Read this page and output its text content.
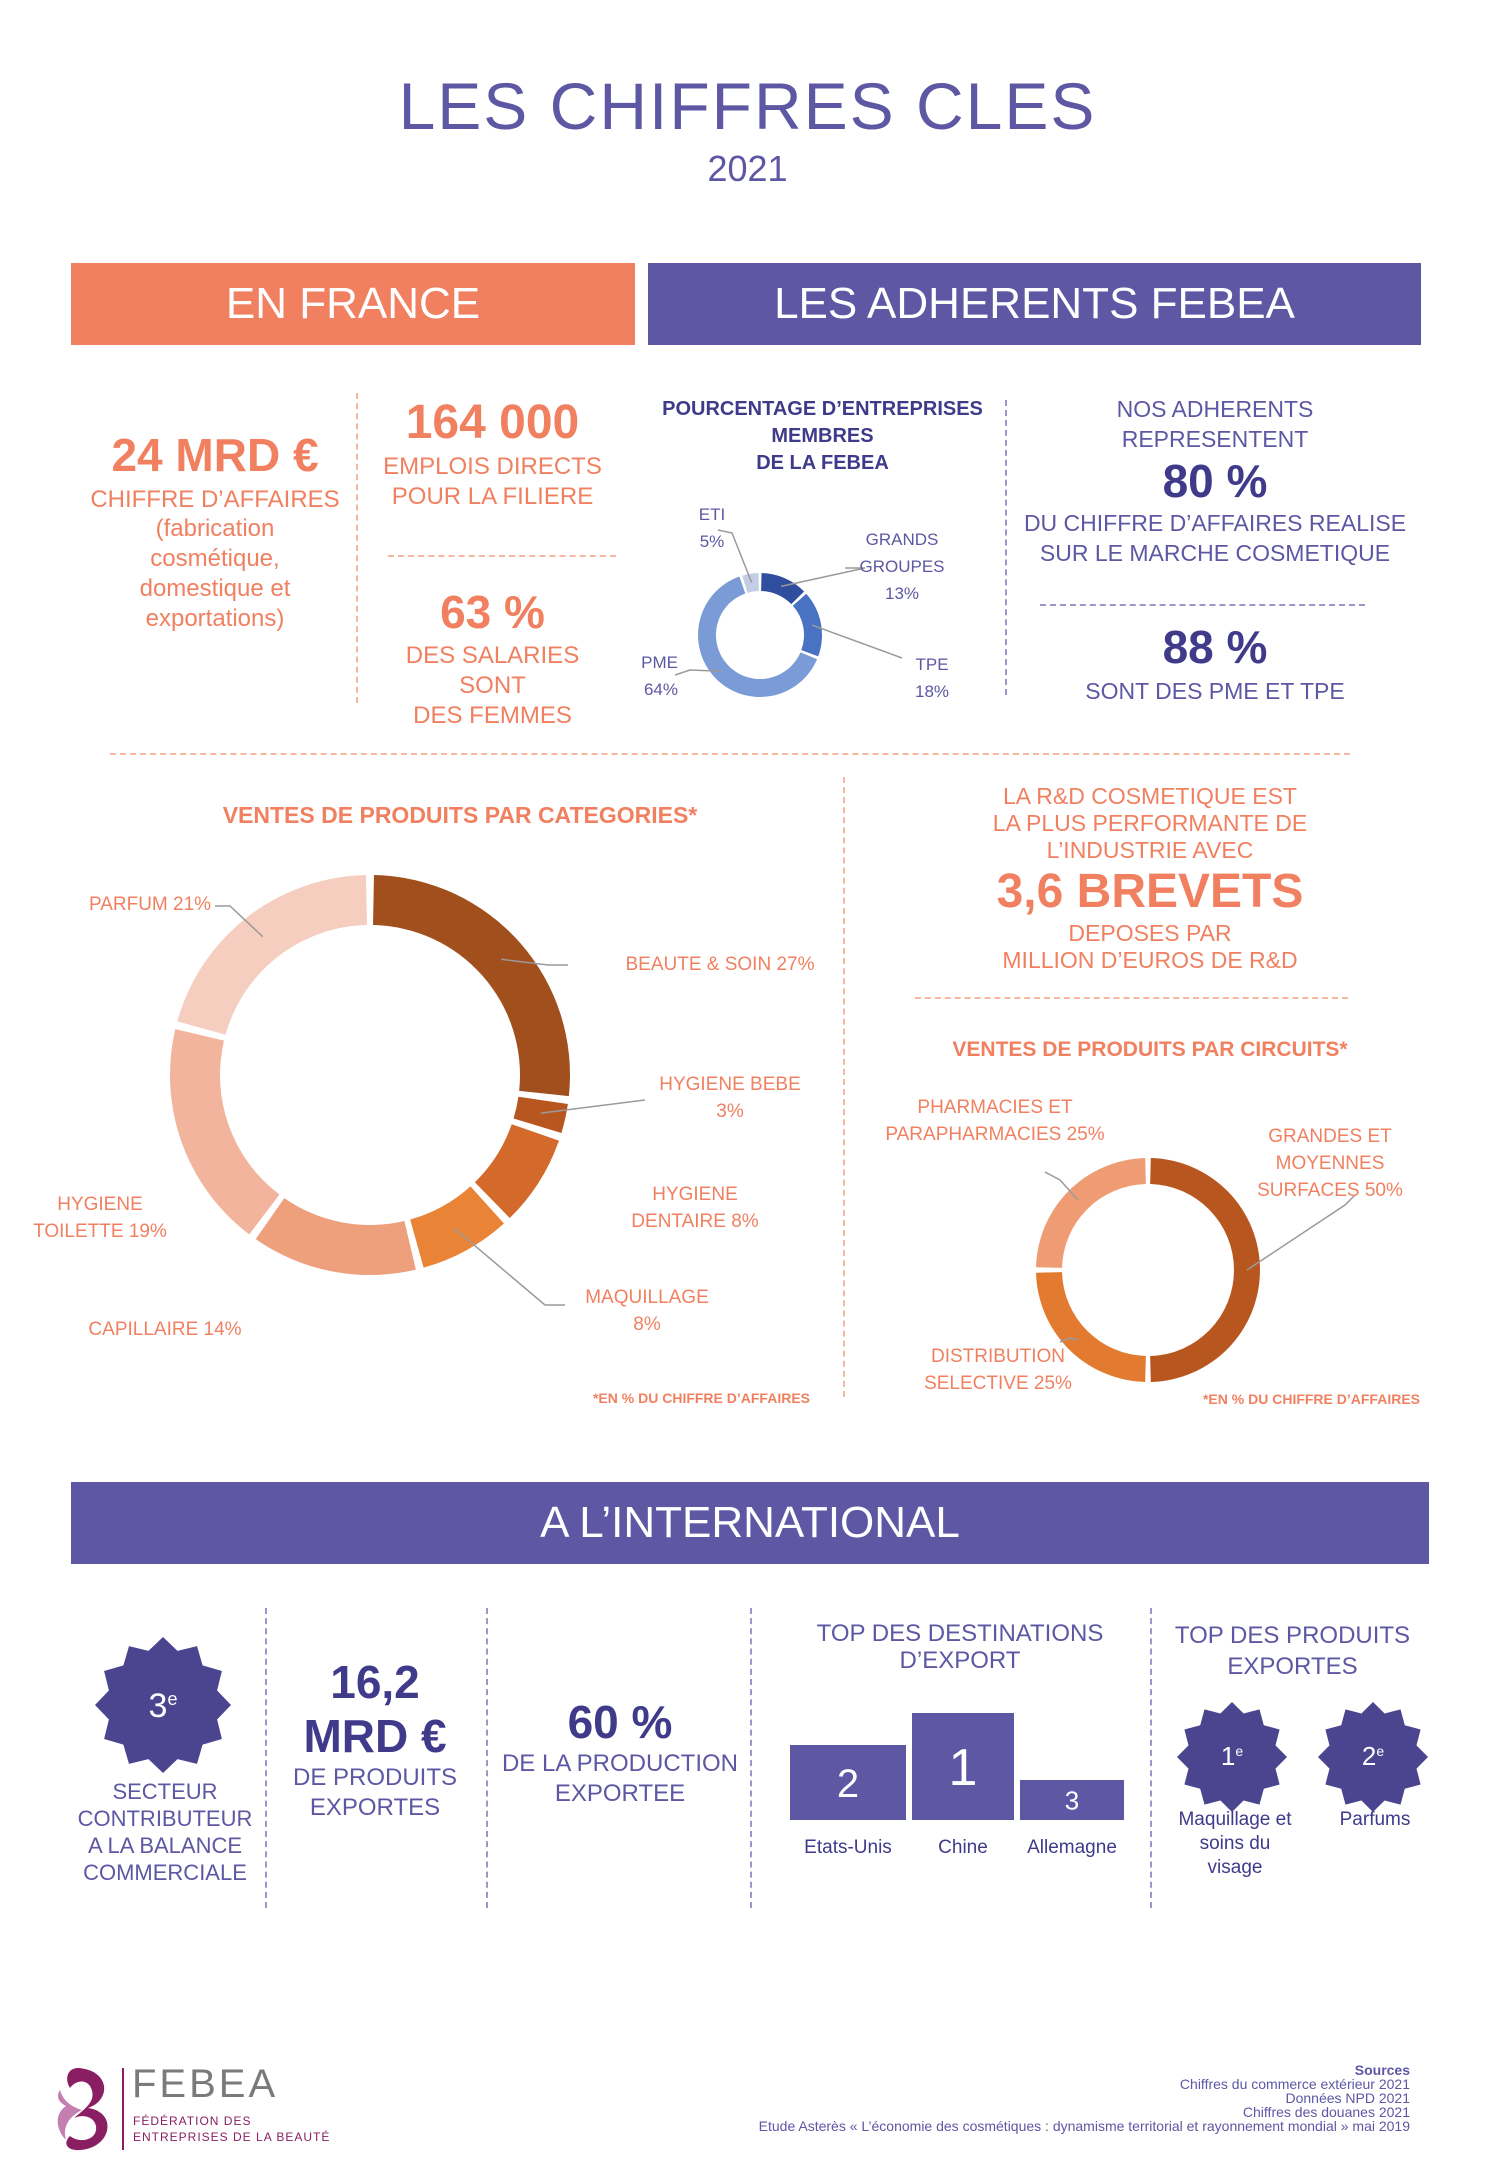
LES CHIFFRES CLES
2021
EN FRANCE	LES ADHERENTS FEBEA
24 MRD €
CHIFFRE D’AFFAIRES
(fabrication
cosmétique,
domestique et
exportations)
164 000
EMPLOIS DIRECTS
POUR LA FILIERE
63 %
DES SALARIES SONT
DES FEMMES
POURCENTAGE D’ENTREPRISES
MEMBRES
DE LA FEBEA
GRANDS GROUPES 13%
TPE 18%
PME 64%
ETI 5%
NOS ADHERENTS
REPRESENTENT
80 %
DU CHIFFRE D’AFFAIRES REALISE
SUR LE MARCHE COSMETIQUE
88 %
SONT DES PME ET TPE
VENTES DE PRODUITS PAR CATEGORIES*
BEAUTE & SOIN 27%
HYGIENE BEBE 3%
HYGIENE DENTAIRE 8%
MAQUILLAGE 8%
CAPILLAIRE 14%
HYGIENE TOILETTE 19%
PARFUM 21%
*EN % DU CHIFFRE D’AFFAIRES
LA R&D COSMETIQUE EST
LA PLUS PERFORMANTE DE
L’INDUSTRIE AVEC
3,6 BREVETS
DEPOSES PAR
MILLION D’EUROS DE R&D
VENTES DE PRODUITS PAR CIRCUITS*
GRANDES ET MOYENNES SURFACES 50%
DISTRIBUTION SELECTIVE 25%
PHARMACIES ET PARAPHARMACIES 25%
*EN % DU CHIFFRE D’AFFAIRES
A L’INTERNATIONAL
3e
SECTEUR
CONTRIBUTEUR
A LA BALANCE
COMMERCIALE
16,2
MRD €
DE PRODUITS
EXPORTES
60 %
DE LA PRODUCTION
EXPORTEE
TOP DES DESTINATIONS D’EXPORT
2
Etats-Unis
1
Chine
3
Allemagne
TOP DES PRODUITS
EXPORTES
1e	2e
Maquillage et
soins du
visage
Parfums
FEBEA
FÉDÉRATION DES
ENTREPRISES DE LA BEAUTÉ
Sources
Chiffres du commerce extérieur 2021
Données NPD 2021
Chiffres des douanes 2021
Etude Asterès « L’économie des cosmétiques : dynamisme territorial et rayonnement mondial » mai 2019
